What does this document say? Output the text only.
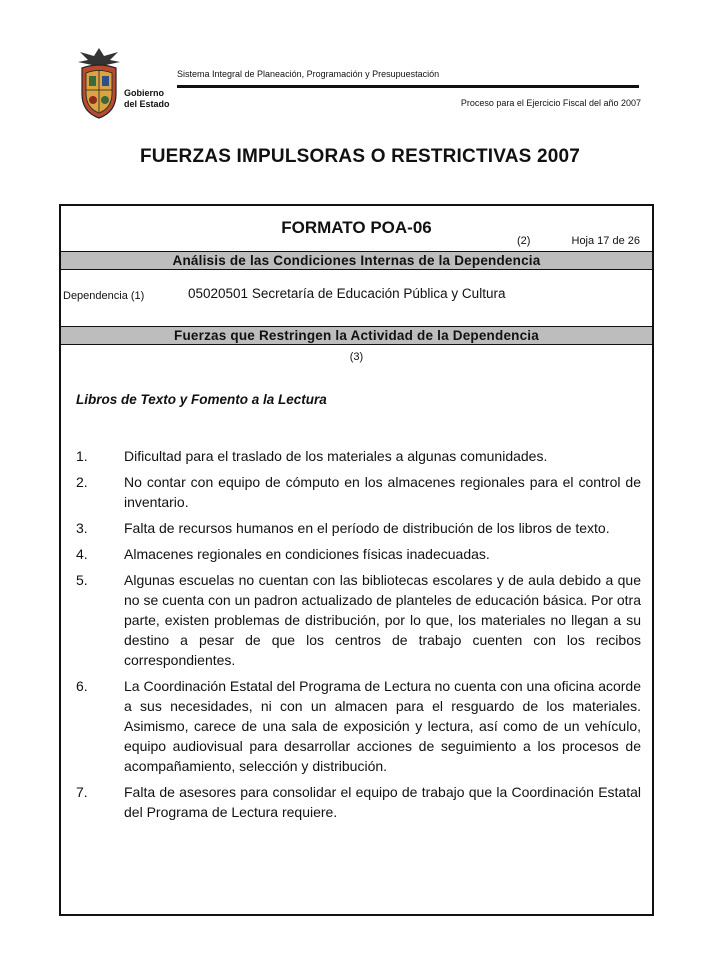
Gobierno
del Estado
Sistema Integral de Planeación, Programación y Presupuestación
Proceso para el Ejercicio Fiscal del año 2007
FUERZAS IMPULSORAS O RESTRICTIVAS 2007
FORMATO POA-06
(2)	Hoja 17 de 26
Análisis de las Condiciones Internas de la Dependencia
Dependencia (1)	05020501 Secretaría de Educación Pública y Cultura
Fuerzas que Restringen la Actividad de la Dependencia
(3)
Libros de Texto y Fomento a la Lectura
1.	Dificultad para el traslado de los materiales a algunas comunidades.
2.	No contar con equipo de cómputo en los almacenes regionales para el control de inventario.
3.	Falta de recursos humanos en el período de distribución de los libros de texto.
4.	Almacenes regionales en condiciones físicas inadecuadas.
5.	Algunas escuelas no cuentan con las bibliotecas escolares y de aula debido a que no se cuenta con un padron actualizado de planteles de educación básica. Por otra parte, existen problemas de distribución, por lo que, los materiales no llegan a su destino a pesar de que los centros de trabajo cuenten con los recibos correspondientes.
6.	La Coordinación Estatal del Programa de Lectura no cuenta con una oficina acorde a sus necesidades, ni con un almacen para el resguardo de los materiales. Asimismo, carece de una sala de exposición y lectura, así como de un vehículo, equipo audiovisual para desarrollar acciones de seguimiento a los procesos de acompañamiento, selección y distribución.
7.	Falta de asesores para consolidar el equipo de trabajo que la Coordinación Estatal del Programa de Lectura requiere.
